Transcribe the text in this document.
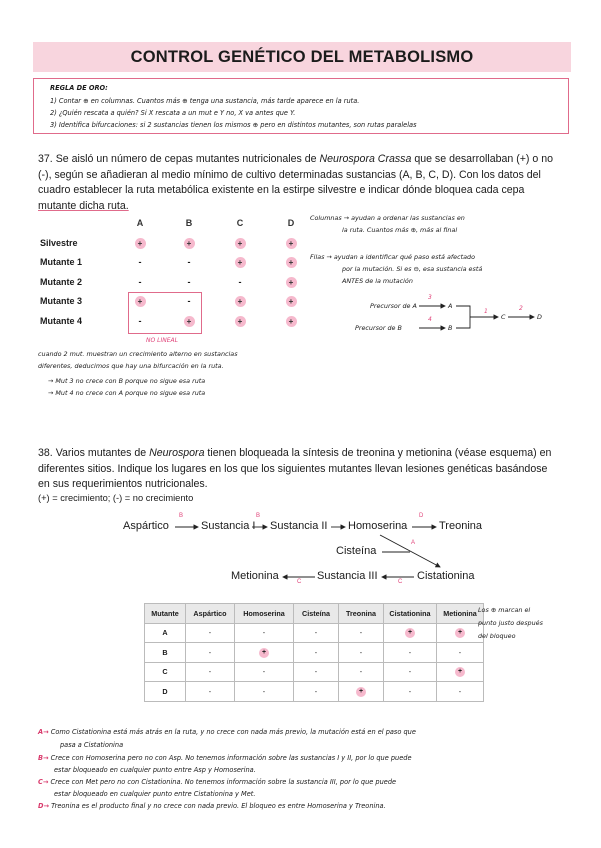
CONTROL GENÉTICO DEL METABOLISMO
REGLA DE ORO:
1) Contar ⊕ en columnas. Cuantos más ⊕ tenga una sustancia, más tarde aparece en la ruta.
2) ¿Quién rescata a quién? Si X rescata a un mut e Y no, X va antes que Y.
3) Identifica bifurcaciones: si 2 sustancias tienen los mismos ⊕ pero en distintos mutantes, son rutas paralelas
37. Se aisló un número de cepas mutantes nutricionales de Neurospora Crassa que se desarrollaban (+) o no
(-), según se añadieran al medio mínimo de cultivo determinadas sustancias (A, B, C, D). Con los datos del
cuadro establecer la ruta metabólica existente en la estirpe silvestre e indicar dónde bloquea cada cepa
mutante dicha ruta.
A	B	C	D
Silvestre	+	+	+	+
Mutante 1	-	-	+	+
Mutante 2	-	-	-	+
Mutante 3	+	-	+	+
Mutante 4	-	+	+	+
NO LINEAL
Columnas → ayudan a ordenar las sustancias en
la ruta. Cuantos más ⊕, más al final
Filas → ayudan a identificar qué paso está afectado
por la mutación. Si es ⊖, esa sustancia está
ANTES de la mutación
Precursor de A
Precursor de B
A
B
C	D
3
4
1	2
cuando 2 mut. muestran un crecimiento alterno en sustancias
diferentes, deducimos que hay una bifurcación en la ruta.
→ Mut 3 no crece con B porque no sigue esa ruta
→ Mut 4 no crece con A porque no sigue esa ruta
38. Varios mutantes de Neurospora tienen bloqueada la síntesis de treonina y metionina (véase esquema) en
diferentes sitios. Indique los lugares en los que los siguientes mutantes llevan lesiones genéticas basándose
en sus requerimientos nutricionales.
(+) = crecimiento; (-) = no crecimiento
Aspártico	Sustancia I Sustancia II Homoserina	Treonina
Cisteína
Metionina	Sustancia III	Cistationina
B	B	D
A
C	C
Mutante	Aspártico	Homoserina	Cisteína	Treonina	Cistationina	Metionina
A	-	-	-	-	+	+
B	-	+	-	-	-	-
C	-	-	-	-	-	+
D	-	-	-	+	-	-
Los ⊕ marcan el
punto justo después
del bloqueo
A→ Como Cistationina está más atrás en la ruta, y no crece con nada más previo, la mutación está en el paso que
pasa a Cistationina
B→ Crece con Homoserina pero no con Asp. No tenemos información sobre las sustancias I y II, por lo que puede
estar bloqueado en cualquier punto entre Asp y Homoserina.
C→ Crece con Met pero no con Cistationina. No tenemos información sobre la sustancia III, por lo que puede
estar bloqueado en cualquier punto entre Cistationina y Met.
D→ Treonina es el producto final y no crece con nada previo. El bloqueo es entre Homoserina y Treonina.
